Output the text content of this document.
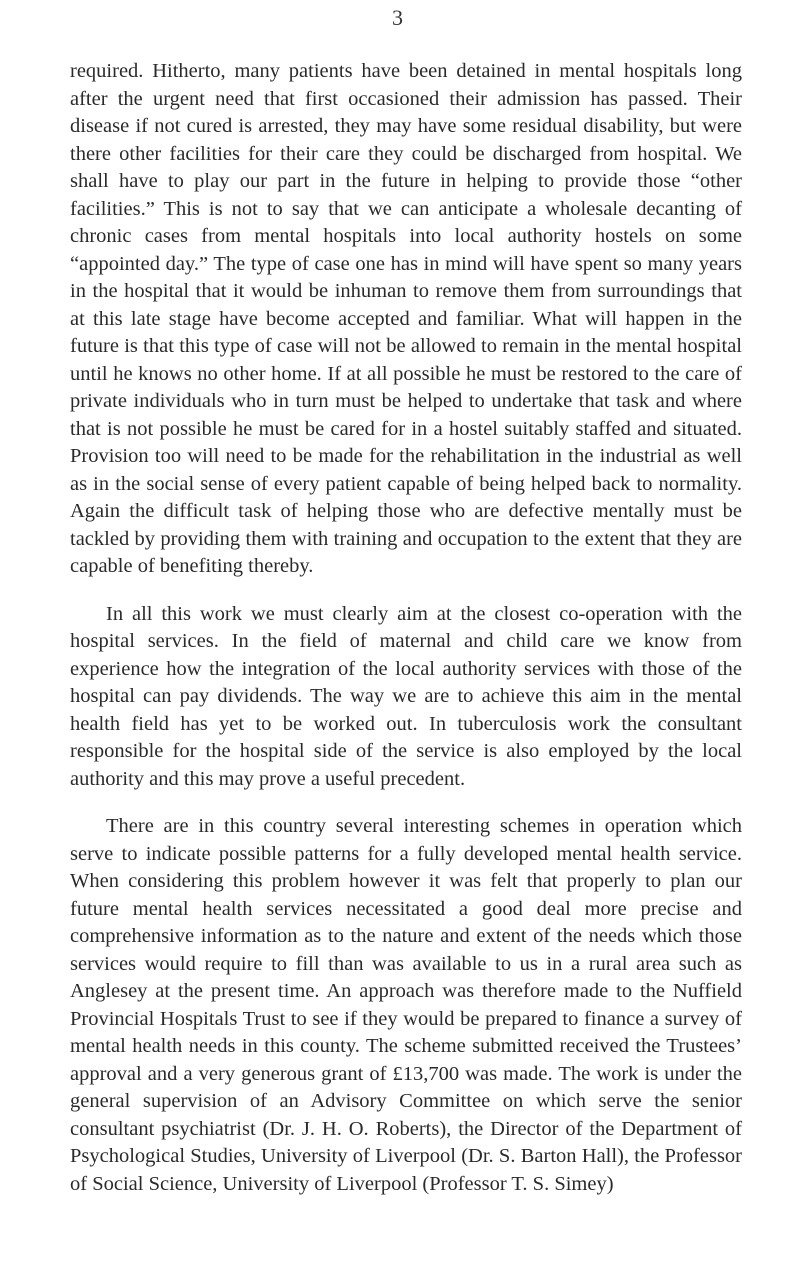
3

required. Hitherto, many patients have been detained in mental hospitals long after the urgent need that first occasioned their admission has passed. Their disease if not cured is arrested, they may have some residual disability, but were there other facilities for their care they could be discharged from hospital. We shall have to play our part in the future in helping to provide those “other facilities.” This is not to say that we can anticipate a wholesale decanting of chronic cases from mental hospitals into local authority hostels on some “appointed day.” The type of case one has in mind will have spent so many years in the hospital that it would be inhuman to remove them from surroundings that at this late stage have become accepted and familiar. What will happen in the future is that this type of case will not be allowed to remain in the mental hospital until he knows no other home. If at all possible he must be restored to the care of private individuals who in turn must be helped to undertake that task and where that is not possible he must be cared for in a hostel suitably staffed and situated. Provision too will need to be made for the rehabilitation in the industrial as well as in the social sense of every patient capable of being helped back to normality. Again the difficult task of helping those who are defective mentally must be tackled by providing them with training and occupation to the extent that they are capable of benefiting thereby.

In all this work we must clearly aim at the closest co-operation with the hospital services. In the field of maternal and child care we know from experience how the integration of the local authority services with those of the hospital can pay dividends. The way we are to achieve this aim in the mental health field has yet to be worked out. In tuberculosis work the consultant responsible for the hospital side of the service is also employed by the local authority and this may prove a useful precedent.

There are in this country several interesting schemes in operation which serve to indicate possible patterns for a fully developed mental health service. When considering this problem however it was felt that properly to plan our future mental health services necessitated a good deal more precise and comprehensive information as to the nature and extent of the needs which those services would require to fill than was available to us in a rural area such as Anglesey at the present time. An approach was therefore made to the Nuffield Provincial Hospitals Trust to see if they would be prepared to finance a survey of mental health needs in this county. The scheme submitted received the Trustees’ approval and a very generous grant of £13,700 was made. The work is under the general supervision of an Advisory Committee on which serve the senior consultant psychiatrist (Dr. J. H. O. Roberts), the Director of the Department of Psychological Studies, University of Liverpool (Dr. S. Barton Hall), the Professor of Social Science, University of Liverpool (Professor T. S. Simey)
